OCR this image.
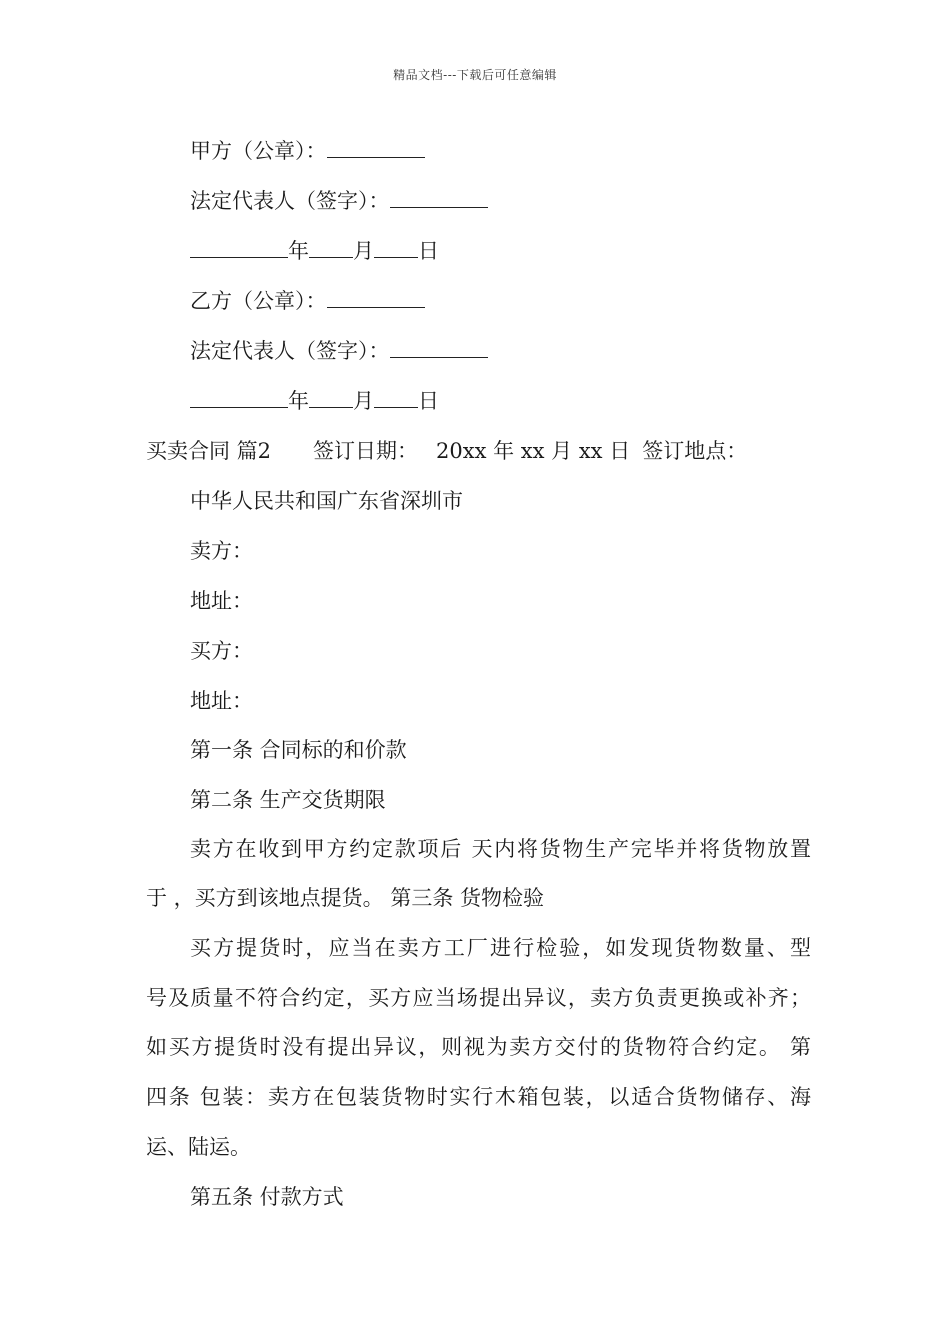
精品文档---下载后可任意编辑
甲方（公章）：
法定代表人（签字）：
年 月 日
乙方（公章）：
法定代表人（签字）：
年 月 日
买卖合同 篇2 签订日期： 20xx 年 xx 月 xx 日 签订地点：
中华人民共和国广东省深圳市
卖方：
地址：
买方：
地址：
第一条 合同标的和价款
第二条 生产交货期限
卖方在收到甲方约定款项后 天内将货物生产完毕并将货物放置
于 ，买方到该地点提货。 第三条 货物检验
买方提货时，应当在卖方工厂进行检验，如发现货物数量、型
号及质量不符合约定，买方应当场提出异议，卖方负责更换或补齐；
如买方提货时没有提出异议，则视为卖方交付的货物符合约定。 第
四条 包装：卖方在包装货物时实行木箱包装，以适合货物储存、海
运、陆运。
第五条 付款方式
